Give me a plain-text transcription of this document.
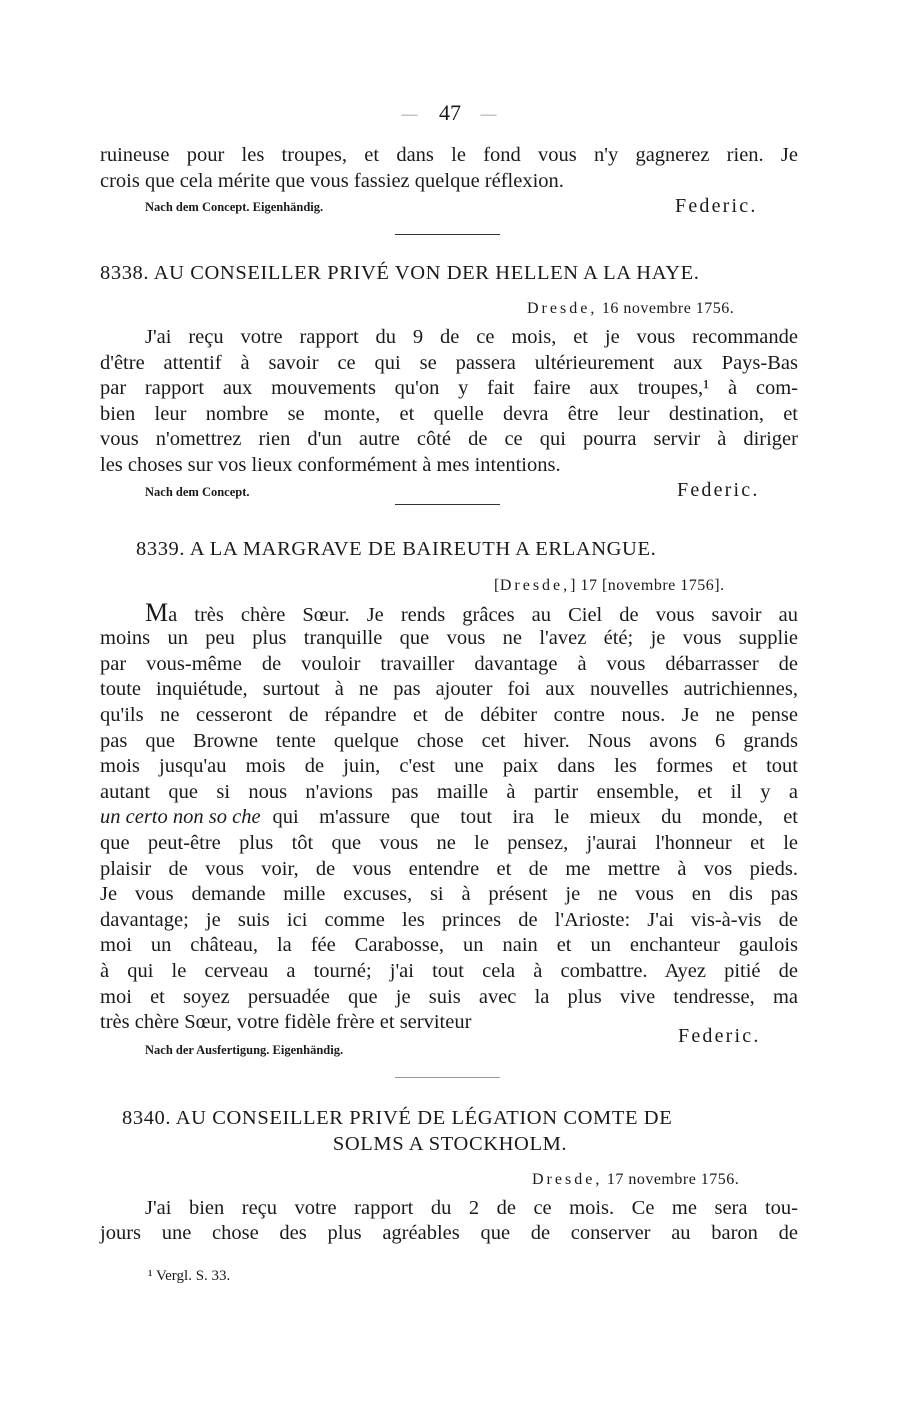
— 47 —
ruineuse pour les troupes, et dans le fond vous n'y gagnerez rien. Je
crois que cela mérite que vous fassiez quelque réflexion.
Nach dem Concept. Eigenhändig.	Federic.
8338. AU CONSEILLER PRIVÉ VON DER HELLEN A LA HAYE.
Dresde, 16 novembre 1756.
J'ai reçu votre rapport du 9 de ce mois, et je vous recommande
d'être attentif à savoir ce qui se passera ultérieurement aux Pays-Bas
par rapport aux mouvements qu'on y fait faire aux troupes,¹ à com-
bien leur nombre se monte, et quelle devra être leur destination, et
vous n'omettrez rien d'un autre côté de ce qui pourra servir à diriger
les choses sur vos lieux conformément à mes intentions.
Nach dem Concept.	Federic.
8339. A LA MARGRAVE DE BAIREUTH A ERLANGUE.
[Dresde,] 17 [novembre 1756].
M a très chère Sœur. Je rends grâces au Ciel de vous savoir au
moins un peu plus tranquille que vous ne l'avez été; je vous supplie
par vous-même de vouloir travailler davantage à vous débarrasser de
toute inquiétude, surtout à ne pas ajouter foi aux nouvelles autrichiennes,
qu'ils ne cesseront de répandre et de débiter contre nous. Je ne pense
pas que Browne tente quelque chose cet hiver. Nous avons 6 grands
mois jusqu'au mois de juin, c'est une paix dans les formes et tout
autant que si nous n'avions pas maille à partir ensemble, et il y a
un certo non so che qui m'assure que tout ira le mieux du monde, et
que peut-être plus tôt que vous ne le pensez, j'aurai l'honneur et le
plaisir de vous voir, de vous entendre et de me mettre à vos pieds.
Je vous demande mille excuses, si à présent je ne vous en dis pas
davantage; je suis ici comme les princes de l'Arioste: J'ai vis-à-vis de
moi un château, la fée Carabosse, un nain et un enchanteur gaulois
à qui le cerveau a tourné; j'ai tout cela à combattre. Ayez pitié de
moi et soyez persuadée que je suis avec la plus vive tendresse, ma
très chère Sœur, votre fidèle frère et serviteur
Federic.
Nach der Ausfertigung. Eigenhändig.
8340. AU CONSEILLER PRIVÉ DE LÉGATION COMTE DE
SOLMS A STOCKHOLM.
Dresde, 17 novembre 1756.
J'ai bien reçu votre rapport du 2 de ce mois. Ce me sera tou-
jours une chose des plus agréables que de conserver au baron de
¹ Vergl. S. 33.
